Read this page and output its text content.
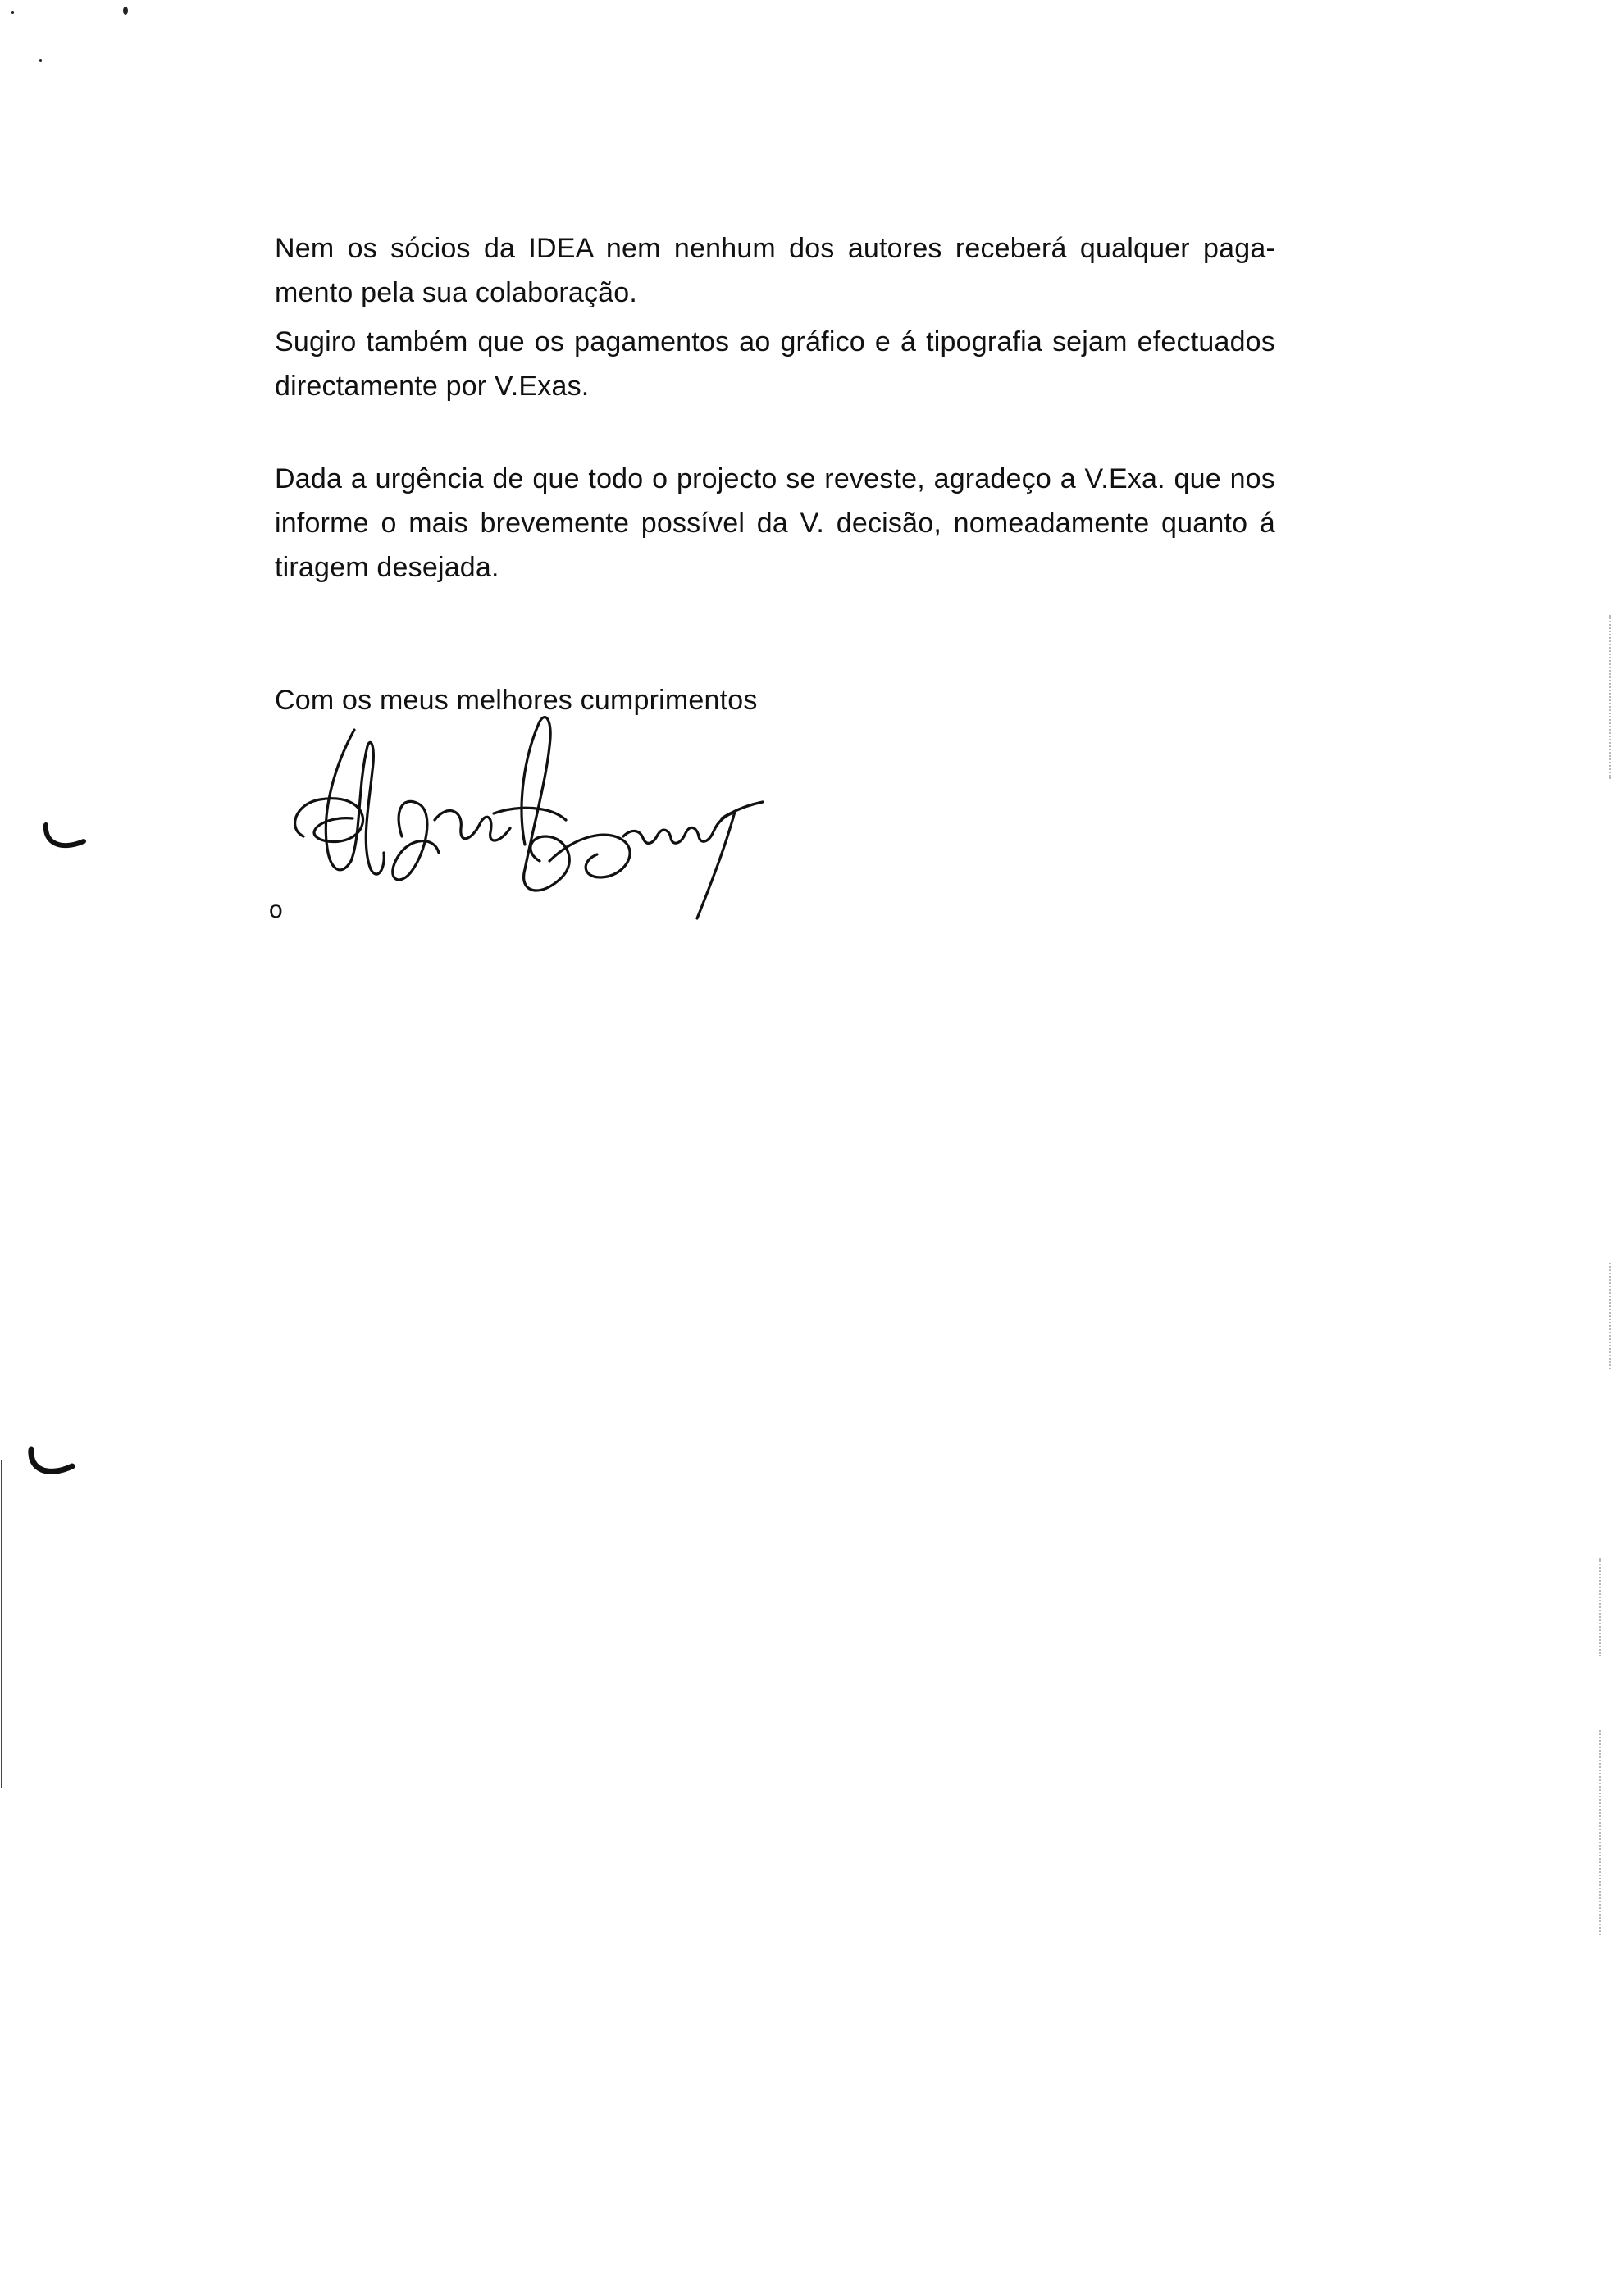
Nem os sócios da IDEA nem nenhum dos autores receberá qualquer paga-
mento pela sua colaboração.
Sugiro também que os pagamentos ao gráfico e á tipografia sejam efectuados
directamente por V.Exas.
Dada a urgência de que todo o projecto se reveste, agradeço a V.Exa. que nos
informe o mais brevemente possível da V. decisão, nomeadamente quanto á
tiragem desejada.
Com os meus melhores cumprimentos
o
